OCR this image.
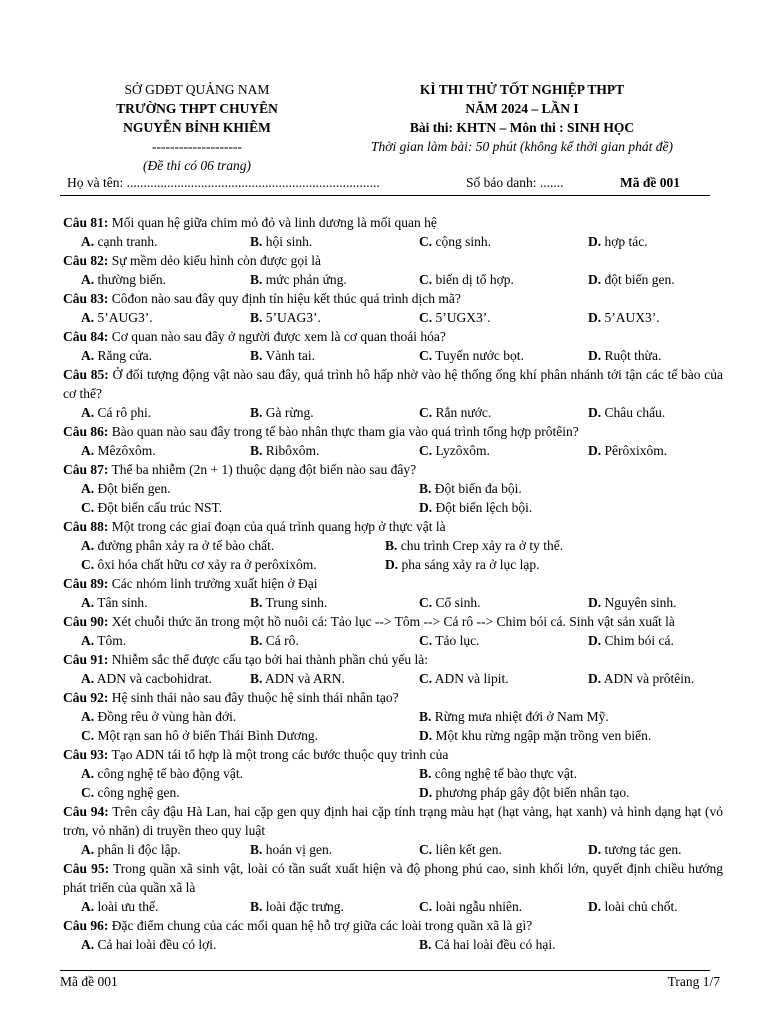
SỞ GDĐT QUẢNG NAM
TRƯỜNG THPT CHUYÊN
NGUYỄN BỈNH KHIÊM
--------------------
(Đề thi có 06 trang)
KÌ THI THỬ TỐT NGHIỆP THPT
NĂM 2024 – LẦN I
Bài thi: KHTN – Môn thi : SINH HỌC
Thời gian làm bài: 50 phút (không kể thời gian phát đề)
Họ và tên: ...........................................................................	Số báo danh: .......	Mã đề 001
Câu 81: Mối quan hệ giữa chim mỏ đỏ và linh dương là mối quan hệ
A. cạnh tranh.	B. hội sinh.	C. cộng sinh.	D. hợp tác.
Câu 82: Sự mềm dẻo kiểu hình còn được gọi là
A. thường biến.	B. mức phản ứng.	C. biến dị tổ hợp.	D. đột biến gen.
Câu 83: Côđon nào sau đây quy định tín hiệu kết thúc quá trình dịch mã?
A. 5’AUG3’.	B. 5’UAG3’.	C. 5’UGX3’.	D. 5’AUX3’.
Câu 84: Cơ quan nào sau đây ở người được xem là cơ quan thoái hóa?
A. Răng cửa.	B. Vành tai.	C. Tuyến nước bọt.	D. Ruột thừa.
Câu 85: Ở đối tượng động vật nào sau đây, quá trình hô hấp nhờ vào hệ thống ống khí phân nhánh tới tận các tế bào của cơ thể?
A. Cá rô phi.	B. Gà rừng.	C. Rắn nước.	D. Châu chấu.
Câu 86: Bào quan nào sau đây trong tế bào nhân thực tham gia vào quá trình tổng hợp prôtêin?
A. Mêzôxôm.	B. Ribôxôm.	C. Lyzôxôm.	D. Pêrôxixôm.
Câu 87: Thể ba nhiễm (2n + 1) thuộc dạng đột biến nào sau đây?
A. Đột biến gen.	B. Đột biến đa bội.
C. Đột biến cấu trúc NST.	D. Đột biến lệch bội.
Câu 88: Một trong các giai đoạn của quá trình quang hợp ở thực vật là
A. đường phân xảy ra ở tế bào chất.	B. chu trình Crep xảy ra ở ty thể.
C. ôxi hóa chất hữu cơ xảy ra ở perôxixôm.	D. pha sáng xảy ra ở lục lạp.
Câu 89: Các nhóm linh trưởng xuất hiện ở Đại
A. Tân sinh.	B. Trung sinh.	C. Cổ sinh.	D. Nguyên sinh.
Câu 90: Xét chuỗi thức ăn trong một hồ nuôi cá: Tảo lục --> Tôm --> Cá rô --> Chim bói cá. Sinh vật sản xuất là
A. Tôm.	B. Cá rô.	C. Tảo lục.	D. Chim bói cá.
Câu 91: Nhiễm sắc thể được cấu tạo bởi hai thành phần chủ yếu là:
A. ADN và cacbohidrat.	B. ADN và ARN.	C. ADN và lipit.	D. ADN và prôtêin.
Câu 92: Hệ sinh thái nào sau đây thuộc hệ sinh thái nhân tạo?
A. Đồng rêu ở vùng hàn đới.	B. Rừng mưa nhiệt đới ở Nam Mỹ.
C. Một rạn san hô ở biển Thái Bình Dương.	D. Một khu rừng ngập mặn trồng ven biển.
Câu 93: Tạo ADN tái tổ hợp là một trong các bước thuộc quy trình của
A. công nghệ tế bào động vật.	B. công nghệ tế bào thực vật.
C. công nghệ gen.	D. phương pháp gây đột biến nhân tạo.
Câu 94: Trên cây đậu Hà Lan, hai cặp gen quy định hai cặp tính trạng màu hạt (hạt vàng, hạt xanh) và hình dạng hạt (vỏ trơn, vỏ nhăn) di truyền theo quy luật
A. phân li độc lập.	B. hoán vị gen.	C. liên kết gen.	D. tương tác gen.
Câu 95: Trong quần xã sinh vật, loài có tần suất xuất hiện và độ phong phú cao, sinh khối lớn, quyết định chiều hướng phát triển của quần xã là
A. loài ưu thế.	B. loài đặc trưng.	C. loài ngẫu nhiên.	D. loài chủ chốt.
Câu 96: Đặc điểm chung của các mối quan hệ hỗ trợ giữa các loài trong quần xã là gì?
A. Cả hai loài đều có lợi.	B. Cả hai loài đều có hại.
Mã đề 001	Trang 1/7
